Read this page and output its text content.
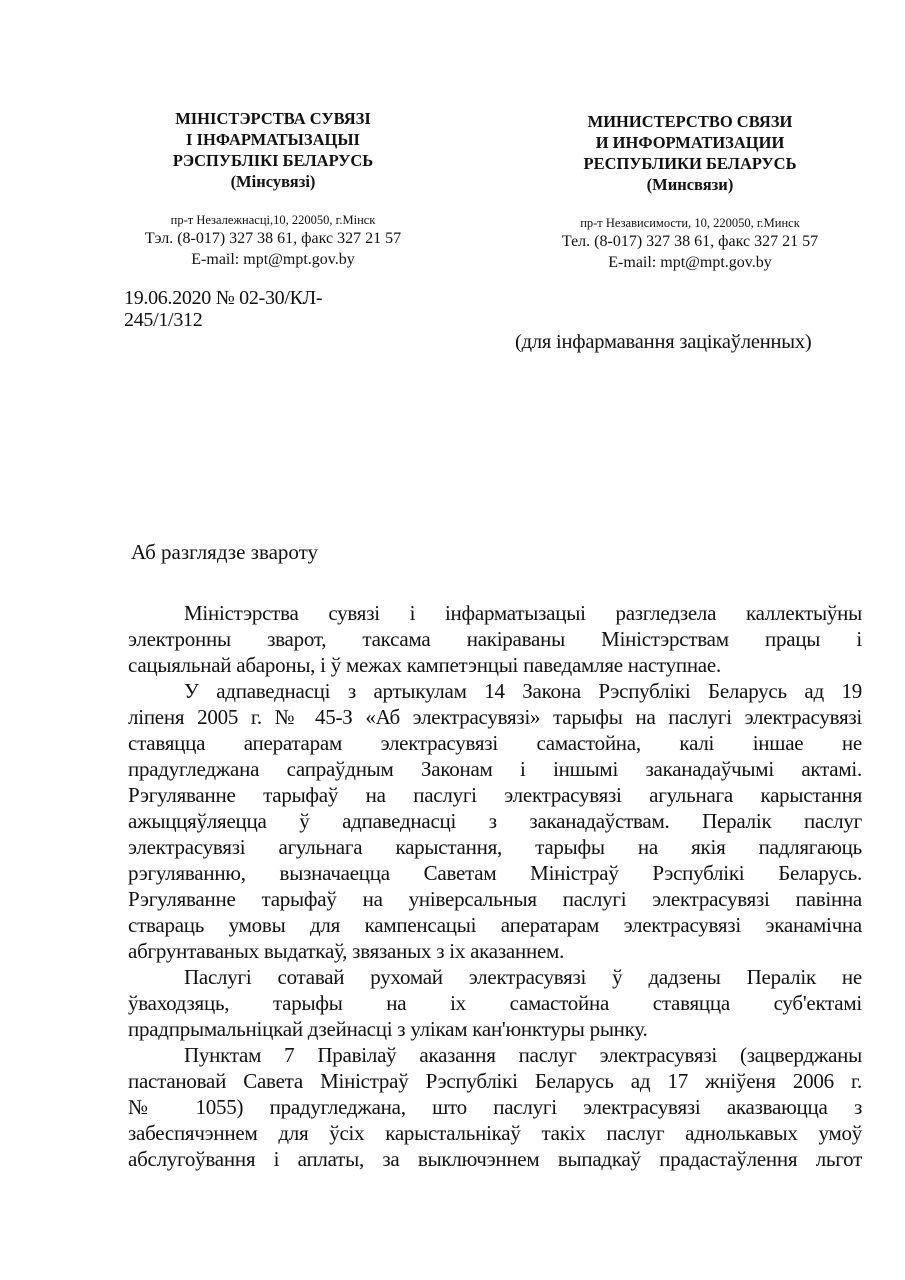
МІНІСТЭРСТВА СУВЯЗІ
І ІНФАРМАТЫЗАЦЫІ
РЭСПУБЛІКІ БЕЛАРУСЬ
(Мінсувязі)
пр-т Незалежнасці,10, 220050, г.Мінск
Тэл. (8-017) 327 38 61, факс 327 21 57
E-mail: mpt@mpt.gov.by
МИНИСТЕРСТВО СВЯЗИ
И ИНФОРМАТИЗАЦИИ
РЕСПУБЛИКИ БЕЛАРУСЬ
(Минсвязи)
пр-т Независимости, 10, 220050, г.Минск
Тел. (8-017) 327 38 61, факс 327 21 57
E-mail: mpt@mpt.gov.by
19.06.2020 № 02-30/КЛ-
245/1/312
(для інфармавання зацікаўленных)
Аб разглядзе звароту
Міністэрства сувязі і інфарматызацыі разгледзела каллектыўны
электронны зварот, таксама накіраваны Міністэрствам працы і
сацыяльнай абароны, і ў межах кампетэнцыі паведамляе наступнае.
У адпаведнасці з артыкулам 14 Закона Рэспублікі Беларусь ад 19
ліпеня 2005 г. № 45-З «Аб электрасувязі» тарыфы на паслугі электрасувязі
ставяцца аператарам электрасувязі самастойна, калі іншае не
прадугледжана сапраўдным Законам і іншымі заканадаўчымі актамі.
Рэгуляванне тарыфаў на паслугі электрасувязі агульнага карыстання
ажыццяўляецца ў адпаведнасці з заканадаўствам. Пералік паслуг
электрасувязі агульнага карыстання, тарыфы на якія падлягаюць
рэгуляванню, вызначаецца Саветам Міністраў Рэспублікі Беларусь.
Рэгуляванне тарыфаў на універсальныя паслугі электрасувязі павінна
ствараць умовы для кампенсацыі аператарам электрасувязі эканамічна
абгрунтаваных выдаткаў, звязаных з іх аказаннем.
Паслугі сотавай рухомай электрасувязі ў дадзены Пералік не
ўваходзяць, тарыфы на іх самастойна ставяцца суб'ектамі
прадпрымальніцкай дзейнасці з улікам кан'юнктуры рынку.
Пунктам 7 Правілаў аказання паслуг электрасувязі (зацверджаны
пастановай Савета Міністраў Рэспублікі Беларусь ад 17 жніўеня 2006 г.
№ 1055) прадугледжана, што паслугі электрасувязі аказваюцца з
забеспячэннем для ўсіх карыстальнікаў такіх паслуг аднолькавых умоў
абслугоўвання і аплаты, за выключэннем выпадкаў прадастаўлення льгот
